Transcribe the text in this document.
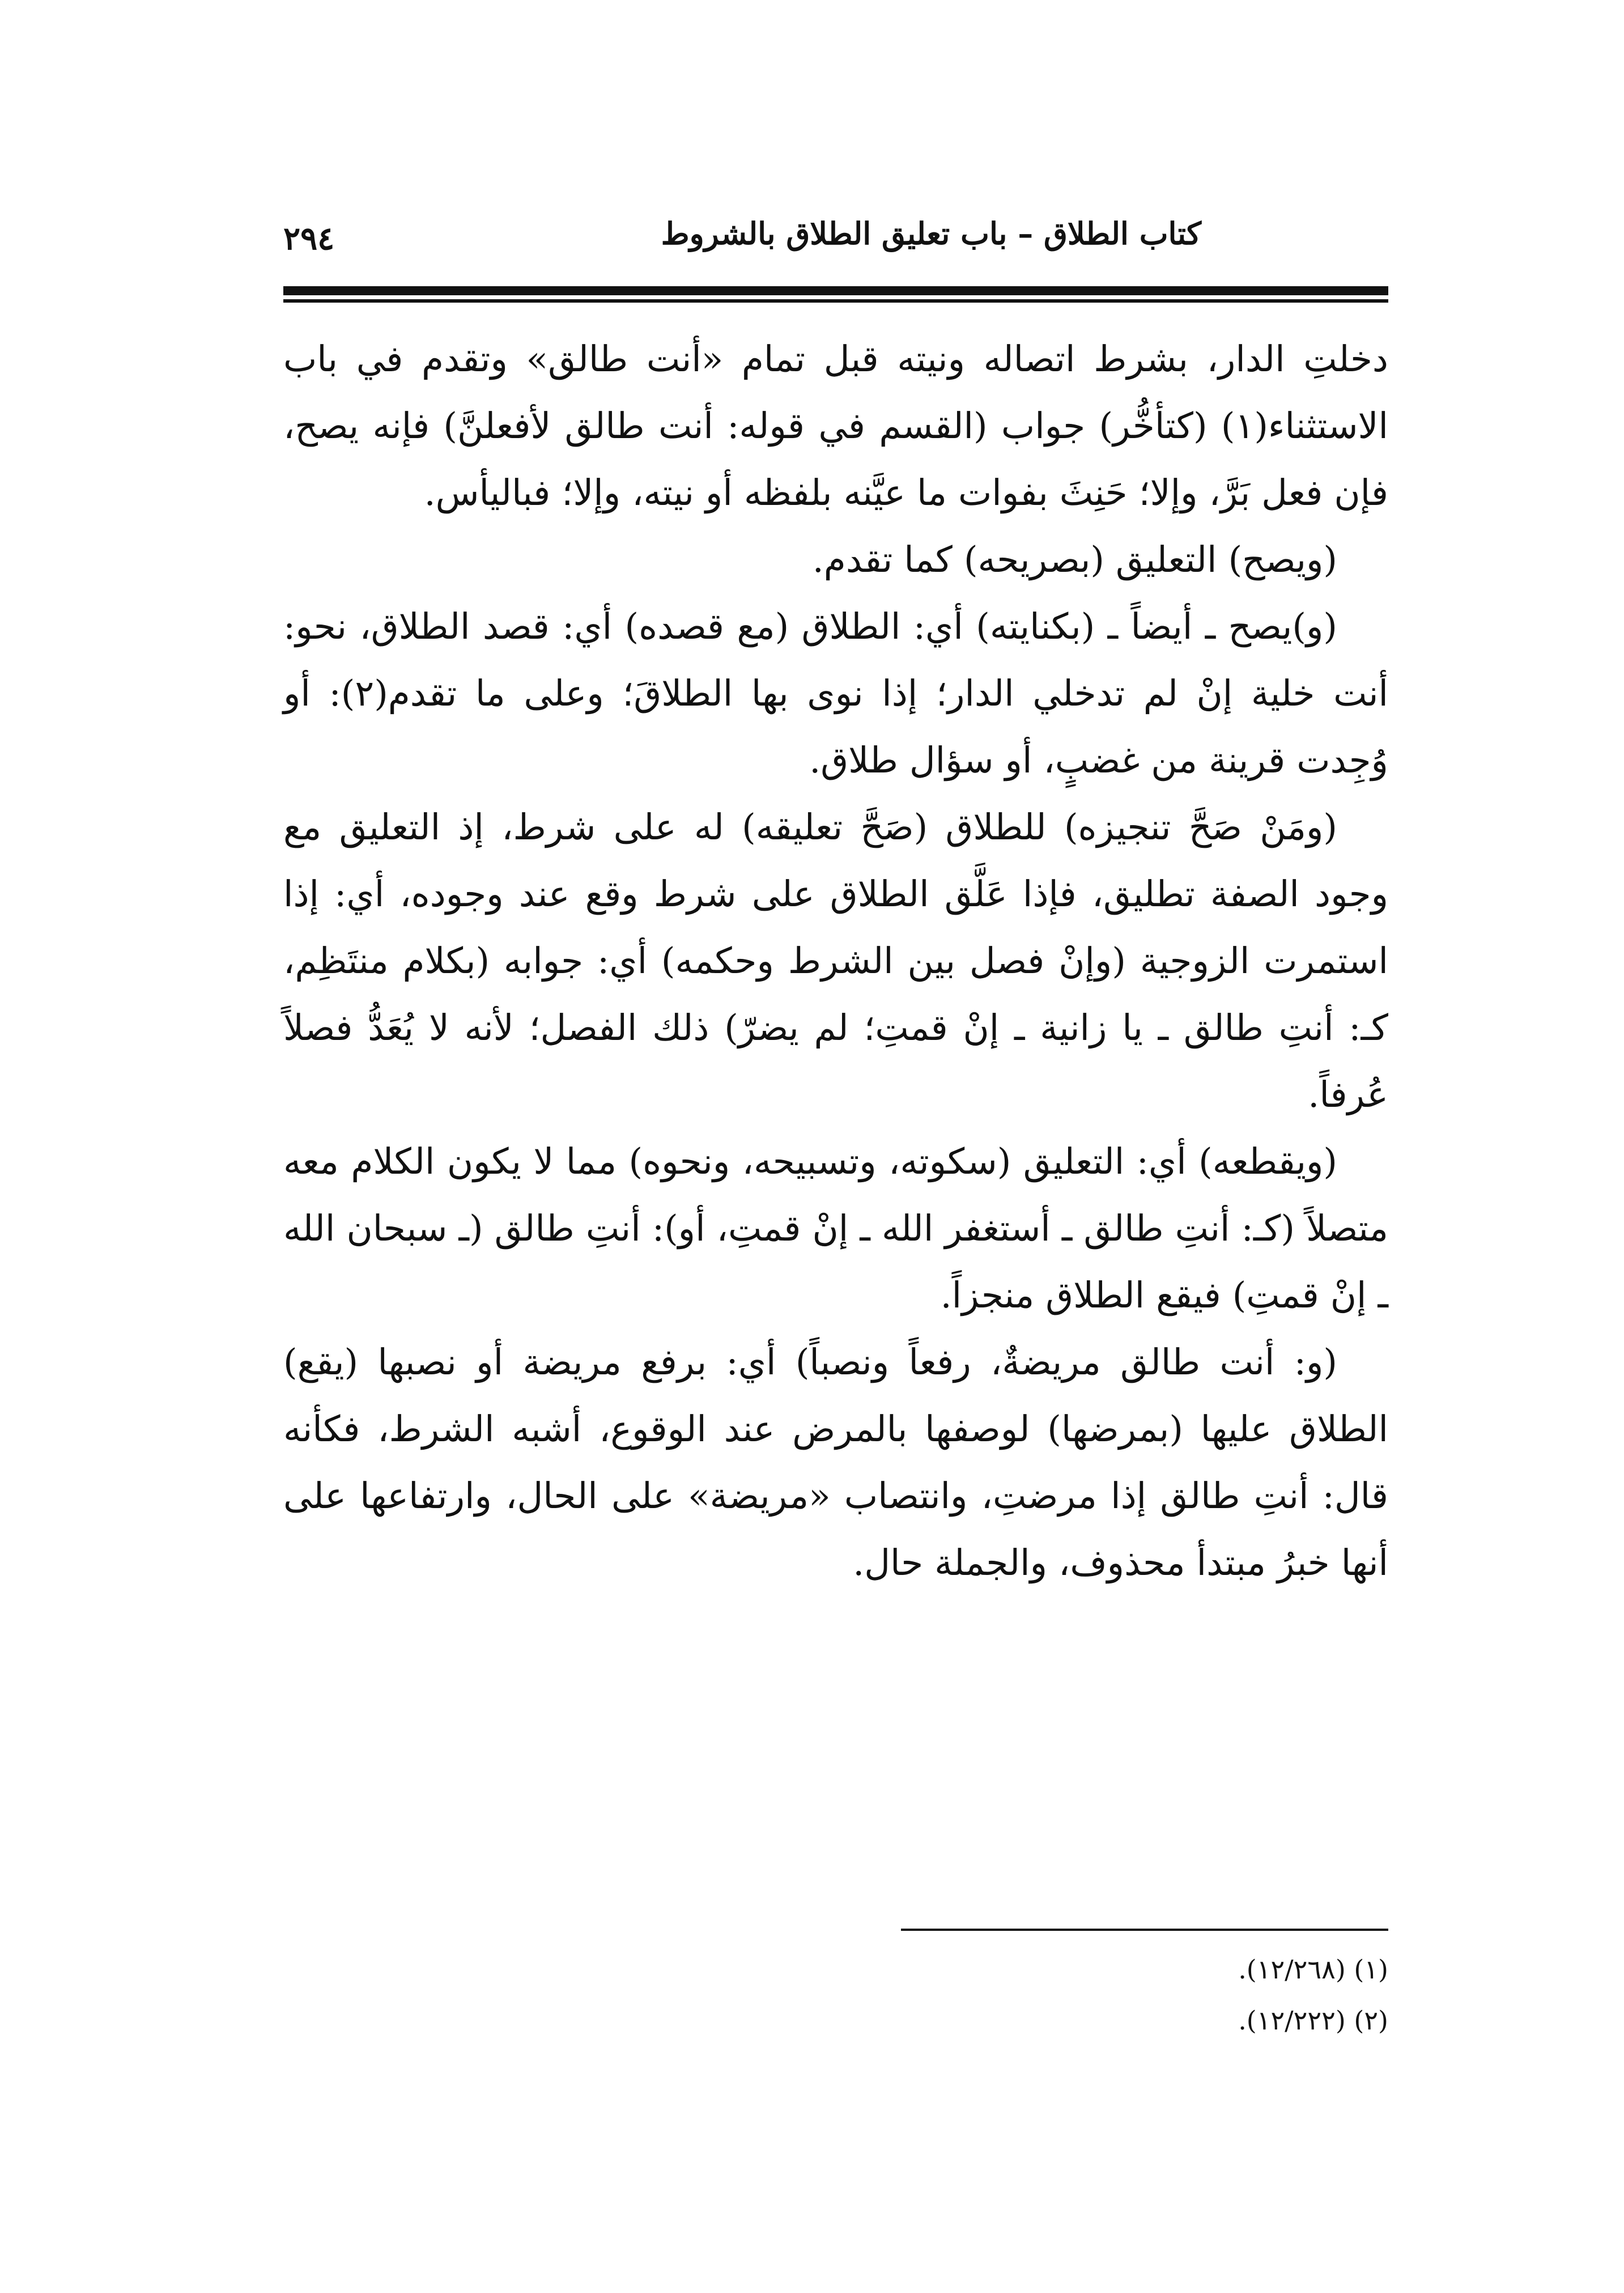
كتاب الطلاق – باب تعليق الطلاق بالشروط
٢٩٤

دخلتِ الدار، بشرط اتصاله ونيته قبل تمام «أنت طالق» وتقدم في باب الاستثناء(١) (كتأخُّر) جواب (القسم في قوله: أنت طالق لأفعلنَّ) فإنه يصح، فإن فعل بَرَّ، وإلا؛ حَنِثَ بفوات ما عيَّنه بلفظه أو نيته، وإلا؛ فباليأس.

(ويصح) التعليق (بصريحه) كما تقدم.

(و)يصح ـ أيضاً ـ (بكنايته) أي: الطلاق (مع قصده) أي: قصد الطلاق، نحو: أنت خلية إنْ لم تدخلي الدار؛ إذا نوى بها الطلاقَ؛ وعلى ما تقدم(٢): أو وُجِدت قرينة من غضبٍ، أو سؤال طلاق.

(ومَنْ صَحَّ تنجيزه) للطلاق (صَحَّ تعليقه) له على شرط، إذ التعليق مع وجود الصفة تطليق، فإذا عَلَّق الطلاق على شرط وقع عند وجوده، أي: إذا استمرت الزوجية (وإنْ فصل بين الشرط وحكمه) أي: جوابه (بكلام منتَظِم، كـ: أنتِ طالق ـ يا زانية ـ إنْ قمتِ؛ لم يضرّ) ذلك الفصل؛ لأنه لا يُعَدُّ فصلاً عُرفاً.

(ويقطعه) أي: التعليق (سكوته، وتسبيحه، ونحوه) مما لا يكون الكلام معه متصلاً (كـ: أنتِ طالق ـ أستغفر الله ـ إنْ قمتِ، أو): أنتِ طالق (ـ سبحان الله ـ إنْ قمتِ) فيقع الطلاق منجزاً.

(و: أنت طالق مريضةٌ، رفعاً ونصباً) أي: برفع مريضة أو نصبها (يقع) الطلاق عليها (بمرضها) لوصفها بالمرض عند الوقوع، أشبه الشرط، فكأنه قال: أنتِ طالق إذا مرضتِ، وانتصاب «مريضة» على الحال، وارتفاعها على أنها خبرُ مبتدأ محذوف، والجملة حال.

(١) (١٢/٢٦٨).
(٢) (١٢/٢٢٢).
